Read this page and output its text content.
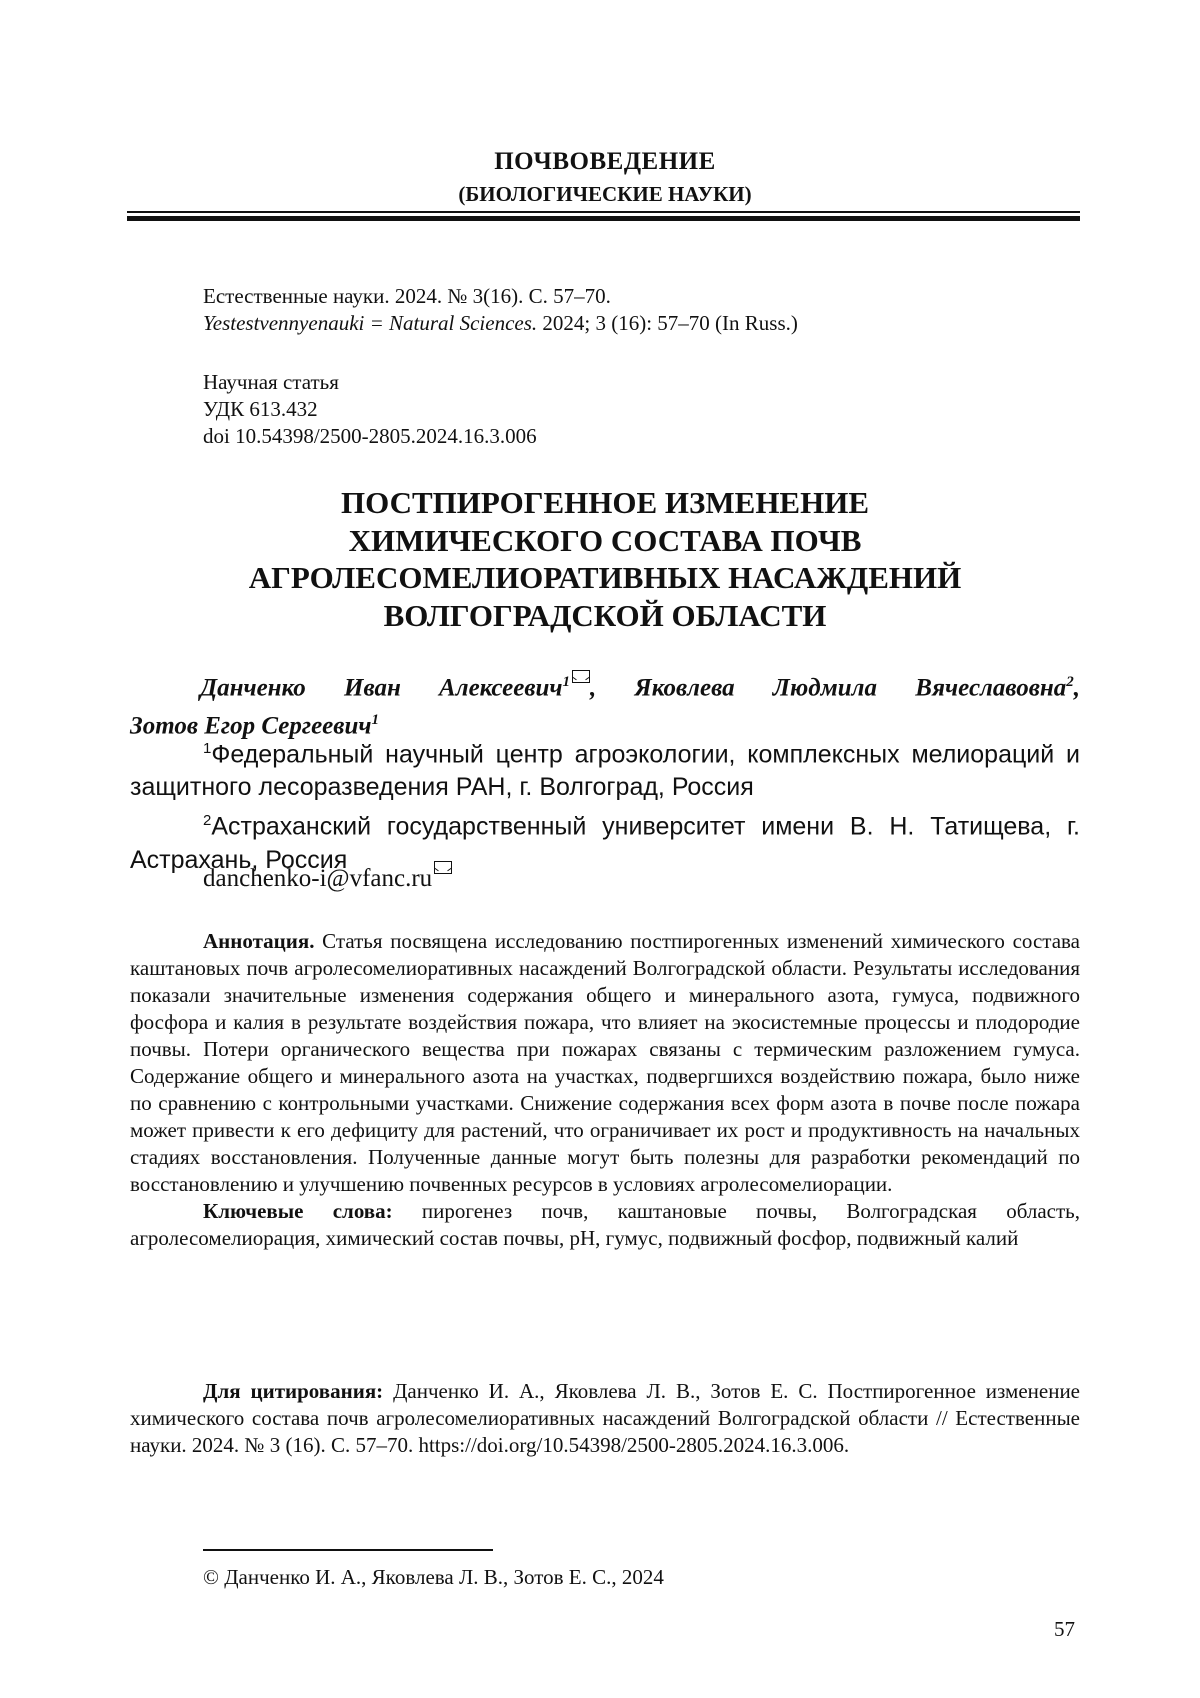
ПОЧВОВЕДЕНИЕ
(БИОЛОГИЧЕСКИЕ НАУКИ)
Естественные науки. 2024. № 3(16). С. 57–70.
Yestestvennyenauki = Natural Sciences. 2024; 3 (16): 57–70 (In Russ.)
Научная статья
УДК 613.432
doi 10.54398/2500-2805.2024.16.3.006
ПОСТПИРОГЕННОЕ ИЗМЕНЕНИЕ
ХИМИЧЕСКОГО СОСТАВА ПОЧВ
АГРОЛЕСОМЕЛИОРАТИВНЫХ НАСАЖДЕНИЙ
ВОЛГОГРАДСКОЙ ОБЛАСТИ
Данченко Иван Алексеевич$^1$ , Яковлева Людмила Вячеславовна$^2$,
Зотов Егор Сергеевич$^1$

$^1$Федеральный научный центр агроэкологии, комплексных мелиораций и защитного лесоразведения РАН, г. Волгоград, Россия

$^2$Астраханский государственный университет имени В. Н. Татищева, г. Астрахань, Россия

danchenko-i@vfanc.ru

Аннотация. Статья посвящена исследованию постпирогенных изменений химического состава каштановых почв агролесомелиоративных насаждений Волгоградской области. Результаты исследования показали значительные изменения содержания общего и минерального азота, гумуса, подвижного фосфора и калия в результате воздействия пожара, что влияет на экосистемные процессы и плодородие почвы. Потери органического вещества при пожарах связаны с термическим разложением гумуса. Содержание общего и минерального азота на участках, подвергшихся воздействию пожара, было ниже по сравнению с контрольными участками. Снижение содержания всех форм азота в почве после пожара может привести к его дефициту для растений, что ограничивает их рост и продуктивность на начальных стадиях восстановления. Полученные данные могут быть полезны для разработки рекомендаций по восстановлению и улучшению почвенных ресурсов в условиях агролесомелиорации.

Ключевые слова: пирогенез почв, каштановые почвы, Волгоградская область, агролесомелиорация, химический состав почвы, pH, гумус, подвижный фосфор, подвижный калий

Для цитирования: Данченко И. А., Яковлева Л. В., Зотов Е. С. Постпирогенное изменение химического состава почв агролесомелиоративных насаждений Волгоградской области // Естественные науки. 2024. № 3 (16). С. 57–70. https://doi.org/10.54398/2500-2805.2024.16.3.006.

© Данченко И. А., Яковлева Л. В., Зотов Е. С., 2024
57
